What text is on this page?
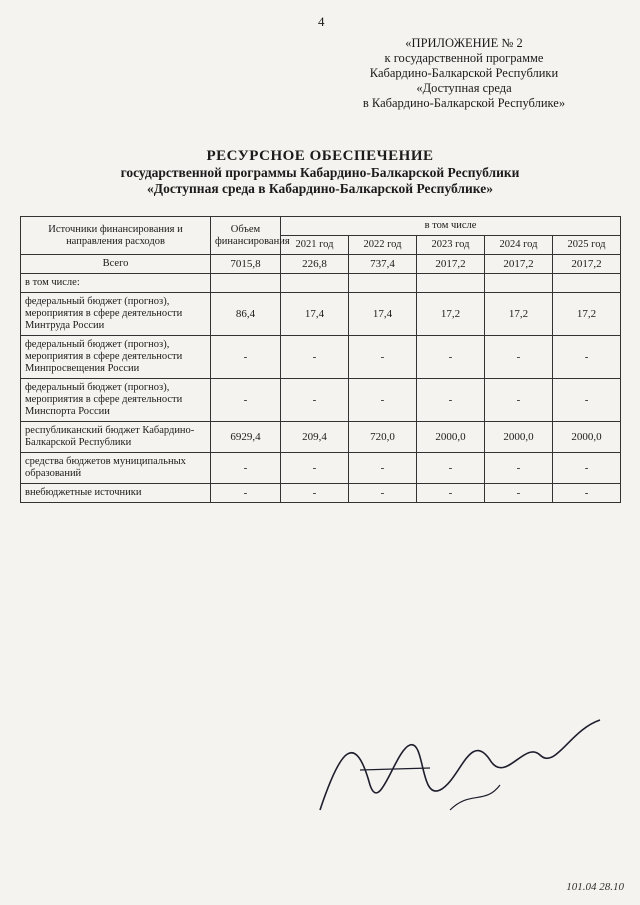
4
«ПРИЛОЖЕНИЕ № 2
к государственной программе
Кабардино-Балкарской Республики
«Доступная среда
в Кабардино-Балкарской Республике»
РЕСУРСНОЕ ОБЕСПЕЧЕНИЕ
государственной программы Кабардино-Балкарской Республики
«Доступная среда в Кабардино-Балкарской Республике»
Источники финансирования и направления расходов	Объем финансирования	в том числе				
		2021 год	2022 год	2023 год	2024 год	2025 год
Всего	7015,8	226,8	737,4	2017,2	2017,2	2017,2
в том числе:						
федеральный бюджет (прогноз), мероприятия в сфере деятельности Минтруда России	86,4	17,4	17,4	17,2	17,2	17,2
федеральный бюджет (прогноз), мероприятия в сфере деятельности Минпросвещения России	-	-	-	-	-	-
федеральный бюджет (прогноз), мероприятия в сфере деятельности Минспорта России	-	-	-	-	-	-
республиканский бюджет Кабардино-Балкарской Республики	6929,4	209,4	720,0	2000,0	2000,0	2000,0
средства бюджетов муниципальных образований	-	-	-	-	-	-
внебюджетные источники	-	-	-	-	-	-
101.04 28.10
